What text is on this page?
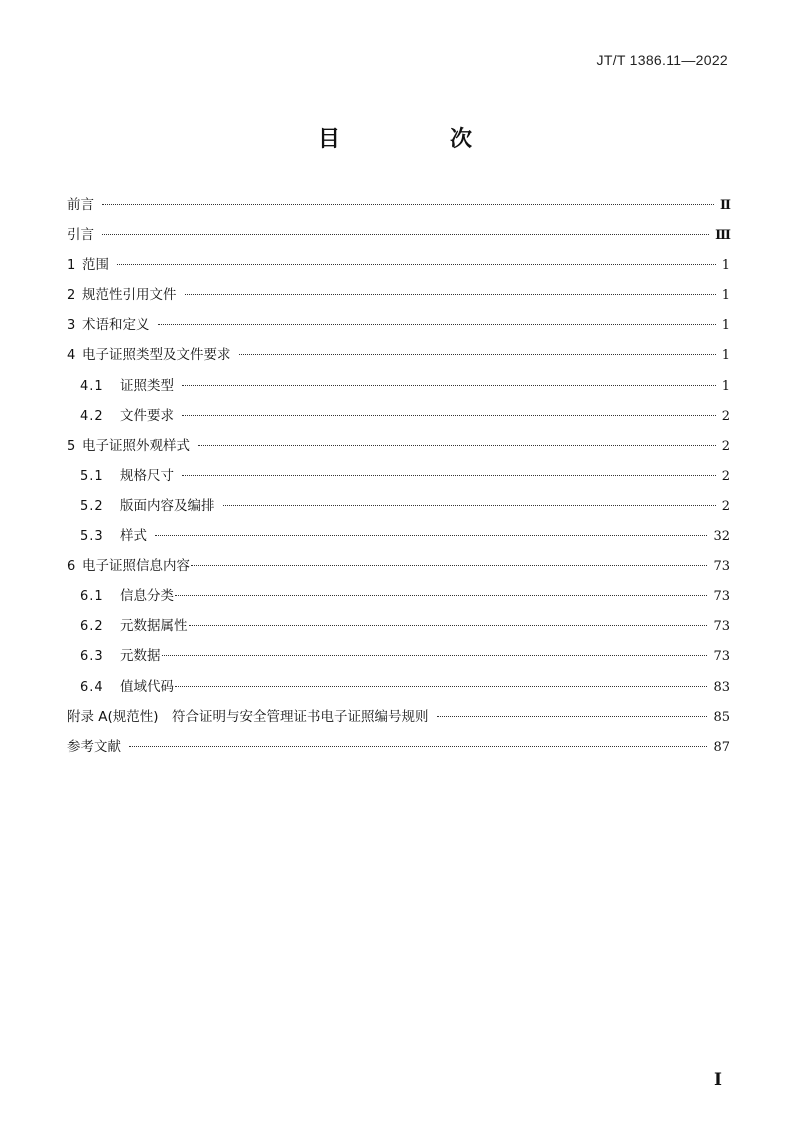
JT/T 1386.11—2022
目　次
前言	Ⅱ
引言	Ⅲ
1 范围	1
2 规范性引用文件	1
3 术语和定义	1
4 电子证照类型及文件要求	1
4.1	证照类型	1
4.2	文件要求	2
5 电子证照外观样式	2
5.1	规格尺寸	2
5.2	版面内容及编排	2
5.3	样式	32
6 电子证照信息内容	73
6.1	信息分类	73
6.2	元数据属性	73
6.3	元数据	73
6.4	值域代码	83
附录 A(规范性)　符合证明与安全管理证书电子证照编号规则	85
参考文献	87
I
